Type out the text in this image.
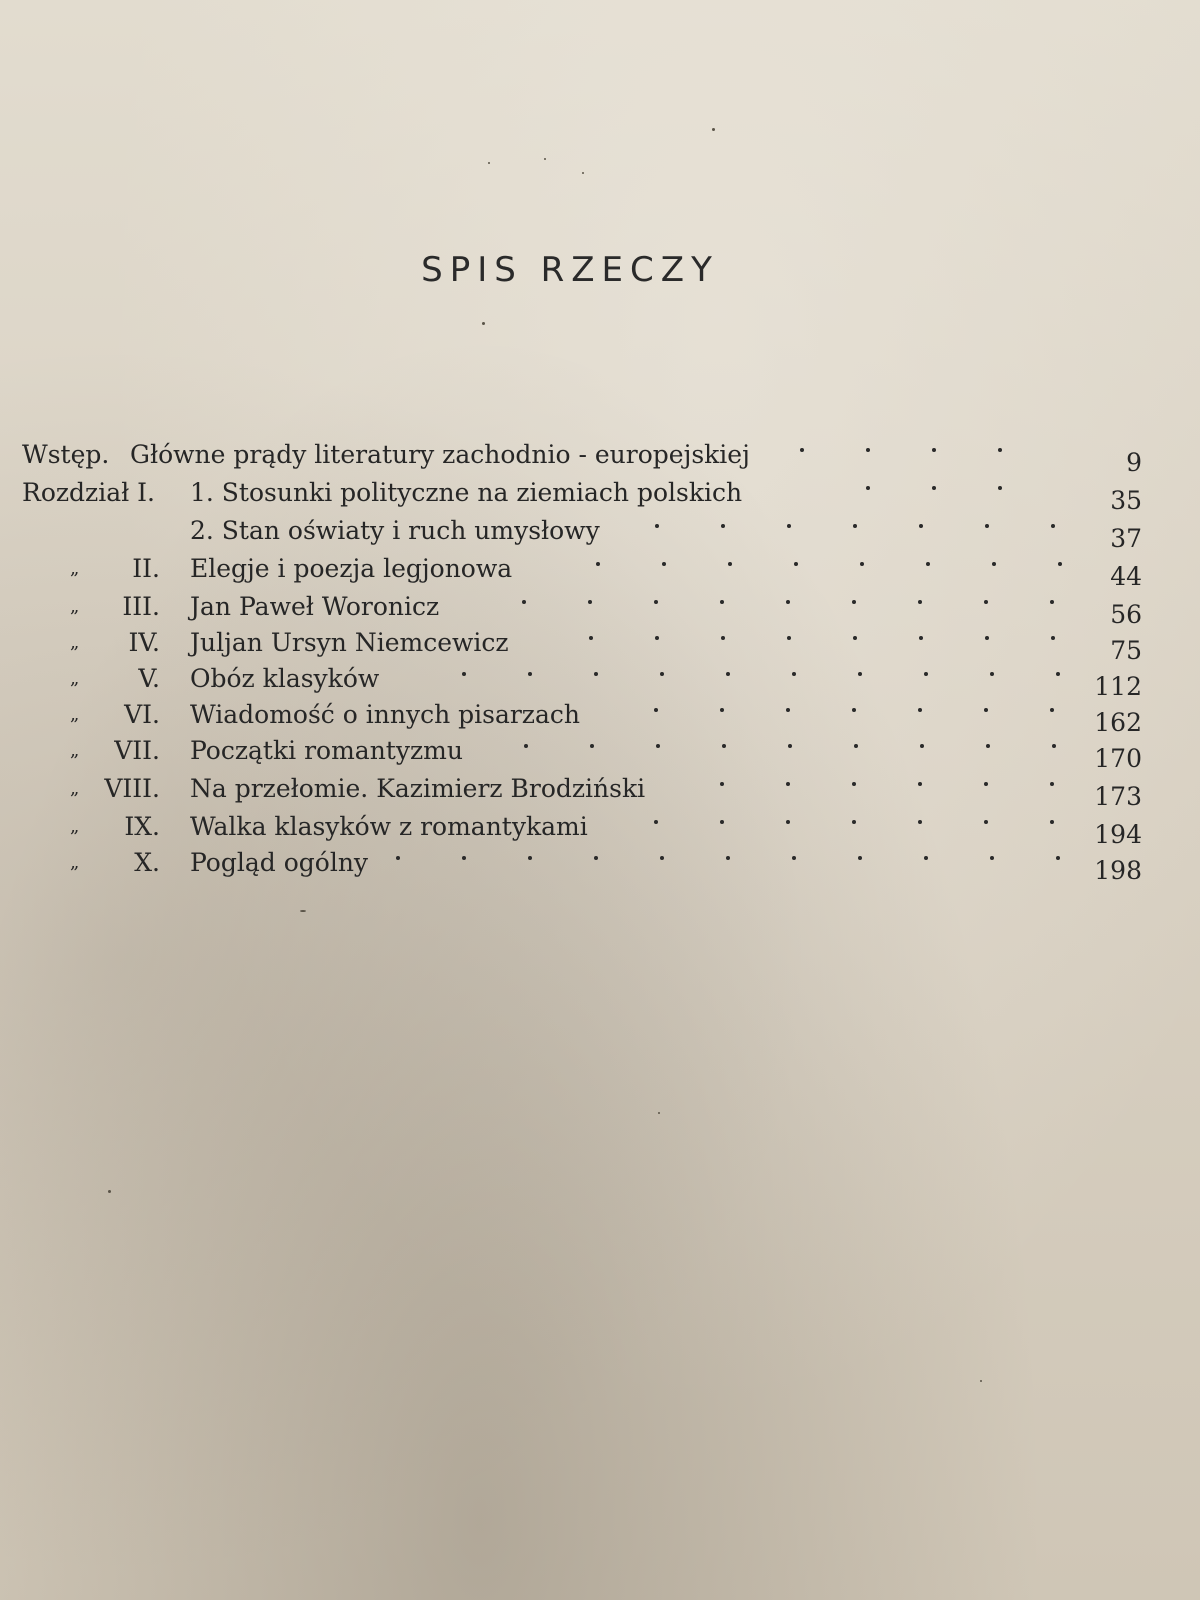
SPIS RZECZY
Wstęp. Główne prądy literatury zachodnio - europejskiej	9
Rozdział I. 1. Stosunki polityczne na ziemiach polskich	35
2. Stan oświaty i ruch umysłowy	37
„	II. Elegje i poezja legjonowa	44
„	III. Jan Paweł Woronicz	56
„	IV. Juljan Ursyn Niemcewicz	75
„	V. Obóz klasyków	112
„	VI. Wiadomość o innych pisarzach	162
„	VII. Początki romantyzmu	170
„	VIII. Na przełomie. Kazimierz Brodziński	173
„	IX. Walka klasyków z romantykami	194
„	X. Pogląd ogólny	198
